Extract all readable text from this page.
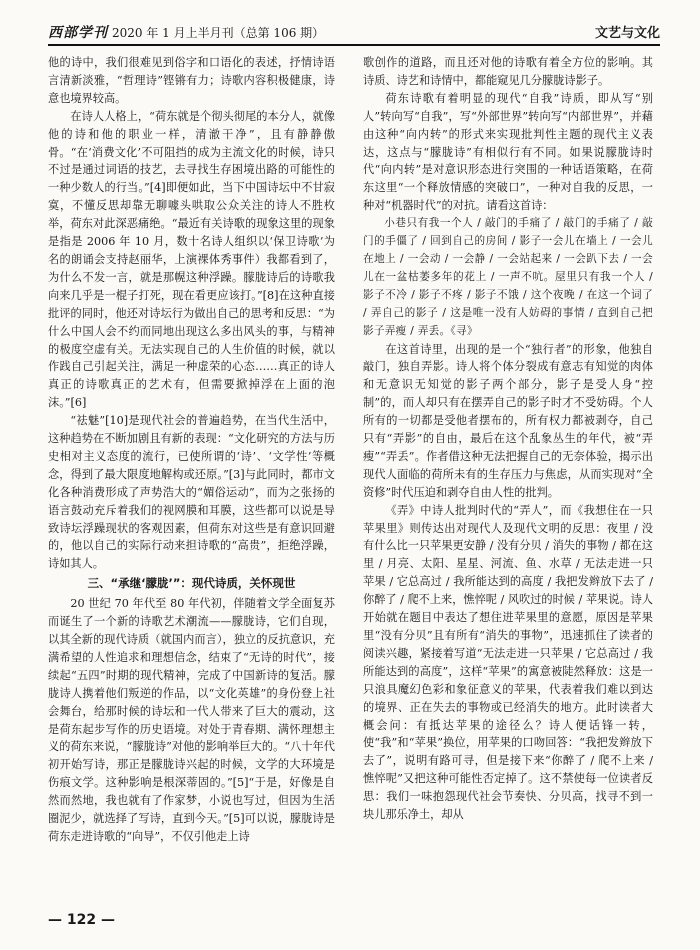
西部学刊 2020 年 1 月上半月刊（总第 106 期）	文艺与文化

他的诗中，我们很难见到俗字和口语化的表述，抒情诗语言清新淡雅，“哲理诗”铿锵有力；诗歌内容积极健康，诗意也境界较高。

在诗人人格上，“荷东就是个彻头彻尾的本分人，就像他的诗和他的职业一样，清澈干净”，且有静静傲骨。“在‘消费文化’不可阻挡的成为主流文化的时候，诗只不过是通过词语的技艺，去寻找生存困境出路的可能性的一种少数人的行当。”[4]即便如此，当下中国诗坛中不甘寂寞，不懂反思却靠无聊噱头哄取公众关注的诗人不胜枚举，荷东对此深恶痛绝。“最近有关诗歌的现象这里的现象是指是 2006 年 10 月，数十名诗人组织以‘保卫诗歌’为名的朗诵会支持赵丽华，上演裸体秀事件）我都看到了，为什么不发一言，就是那幌这种浮躁。朦胧诗后的诗歌我向来几乎是一棍子打死，现在看更应该打。”[8]在这种直接批评的同时，他还对诗坛行为做出自己的思考和反思：“为什么中国人会不约而同地出现这么多出风头的事，与精神的极度空虚有关。无法实现自己的人生价值的时候，就以作践自己引起关注，满足一种虚荣的心态……真正的诗人真正的诗歌真正的艺术有，但需要掀掉浮在上面的泡沫。”[6]

“祛魅”[10]是现代社会的普遍趋势，在当代生活中，这种趋势在不断加剧且有新的表现：“文化研究的方法与历史相对主义态度的流行，已使所谓的‘诗’、‘文学性’等概念，得到了最大限度地解构或还原。”[3]与此同时，都市文化各种消费形成了声势浩大的“媚俗运动”，而为之张扬的语言鼓动充斥着我们的视网膜和耳膜，这些都可以说是导致诗坛浮躁现状的客观因素，但荷东对这些是有意识回避的，他以自己的实际行动来担诗歌的“高贵”，拒绝浮躁，诗如其人。

三、“承继‘朦胧’”：现代诗质，关怀现世

20 世纪 70 年代至 80 年代初，伴随着文学全面复苏而诞生了一个新的诗歌艺术潮流——朦胧诗，它们自现，以其全新的现代诗质（就国内而言），独立的反抗意识，充满希望的人性追求和理想信念，结束了“无诗的时代”，接续起“五四”时期的现代精神，完成了中国新诗的复活。朦胧诗人携着他们叛逆的作品，以“文化英雄”的身份登上社会舞台，给那时候的诗坛和一代人带来了巨大的震动，这是荷东起步写作的历史语境。对处于青春期、满怀理想主义的荷东来说，“朦胧诗”对他的影响举巨大的。“八十年代初开始写诗，那正是朦胧诗兴起的时候，文学的大环境是伤痕文学。这种影响是根深蒂固的。”[5]“于是，好像是自然而然地，我也就有了作家梦，小说也写过，但因为生活圈泥少，就选择了写诗，直到今天。”[5]可以说，朦胧诗是荷东走进诗歌的“向导”，不仅引他走上诗

歌创作的道路，而且还对他的诗歌有着全方位的影响。其诗质、诗艺和诗情中，都能窥见几分朦胧诗影子。

荷东诗歌有着明显的现代“自我”诗质，即从写“别人”转向写“自我”，写“外部世界”转向写“内部世界”，并藉由这种“向内转”的形式来实现批判性主题的现代主义表达，这点与“朦胧诗”有相似行有不同。如果说朦胧诗时代“向内转”是对意识形态进行突围的一种话语策略，在荷东这里“一个释放情感的突破口”，一种对自我的反思，一种对“机器时代”的对抗。请看这首诗：

小巷只有我一个人 / 敲门的手痛了 / 敲门的手痛了 / 敲门的手僵了 / 回到自己的房间 / 影子一会儿在墙上 / 一会儿在地上 / 一会动 / 一会静 / 一会站起来 / 一会趴下去 / 一会儿在一盆枯萎多年的花上 / 一声不吭。屋里只有我一个人 / 影子不冷 / 影子不疼 / 影子不饿 / 这个夜晚 / 在这一个词了 / 弄自己的影子 / 这是唯一没有人妨碍的事情 / 直到自己把影子弄瘦 / 弄丢。《寻》

在这首诗里，出现的是一个“独行者”的形象，他独自敲门，独自弄影。诗人将个体分裂成有意志有知觉的肉体和无意识无知觉的影子两个部分，影子是受人身“控制”的，而人却只有在摆弄自己的影子时才不受妨碍。个人所有的一切都是受他者摆布的，所有权力都被剥夺，自己只有“弄影”的自由，最后在这个乱象丛生的年代，被“弄瘦”“弄丢”。作者借这种无法把握自己的无奈体验，揭示出现代人面临的荷所未有的生存压力与焦虑，从而实现对“全资修”时代压迫和剥夺自由人性的批判。

《弄》中诗人批判时代的“弄人”，而《我想住在一只苹果里》则传达出对现代人及现代文明的反思：夜里 / 没有什么比一只苹果更安静 / 没有分贝 / 消失的事物 / 都在这里 / 月亮、太阳、星星、河流、鱼、水草 / 无法走进一只苹果 / 它总高过 / 我所能达到的高度 / 我把发辫放下去了 / 你醉了 / 爬不上来，憔悴呢 / 风吹过的时候 / 苹果说。诗人开始就在题目中表达了想住进苹果里的意愿，原因是苹果里“没有分贝”且有所有“消失的事物”，迅速抓住了读者的阅读兴趣，紧接着写道“无法走进一只苹果 / 它总高过 / 我所能达到的高度”，这样“苹果”的寓意被陡然释放：这是一只浪具魔幻色彩和象征意义的苹果，代表着我们难以到达的境界、正在失去的事物或已经消失的地方。此时读者大概会问：有抵达苹果的途径么？诗人便话锋一转，使“我”和“苹果”换位，用苹果的口吻回答：“我把发辫放下去了”，说明有路可寻，但是接下来“你醉了 / 爬不上来 / 憔悴呢”又把这种可能性否定掉了。这不禁使每一位读者反思：我们一味抱怨现代社会节奏快、分贝高，找寻不到一块儿那乐净土，却从

— 122 —
